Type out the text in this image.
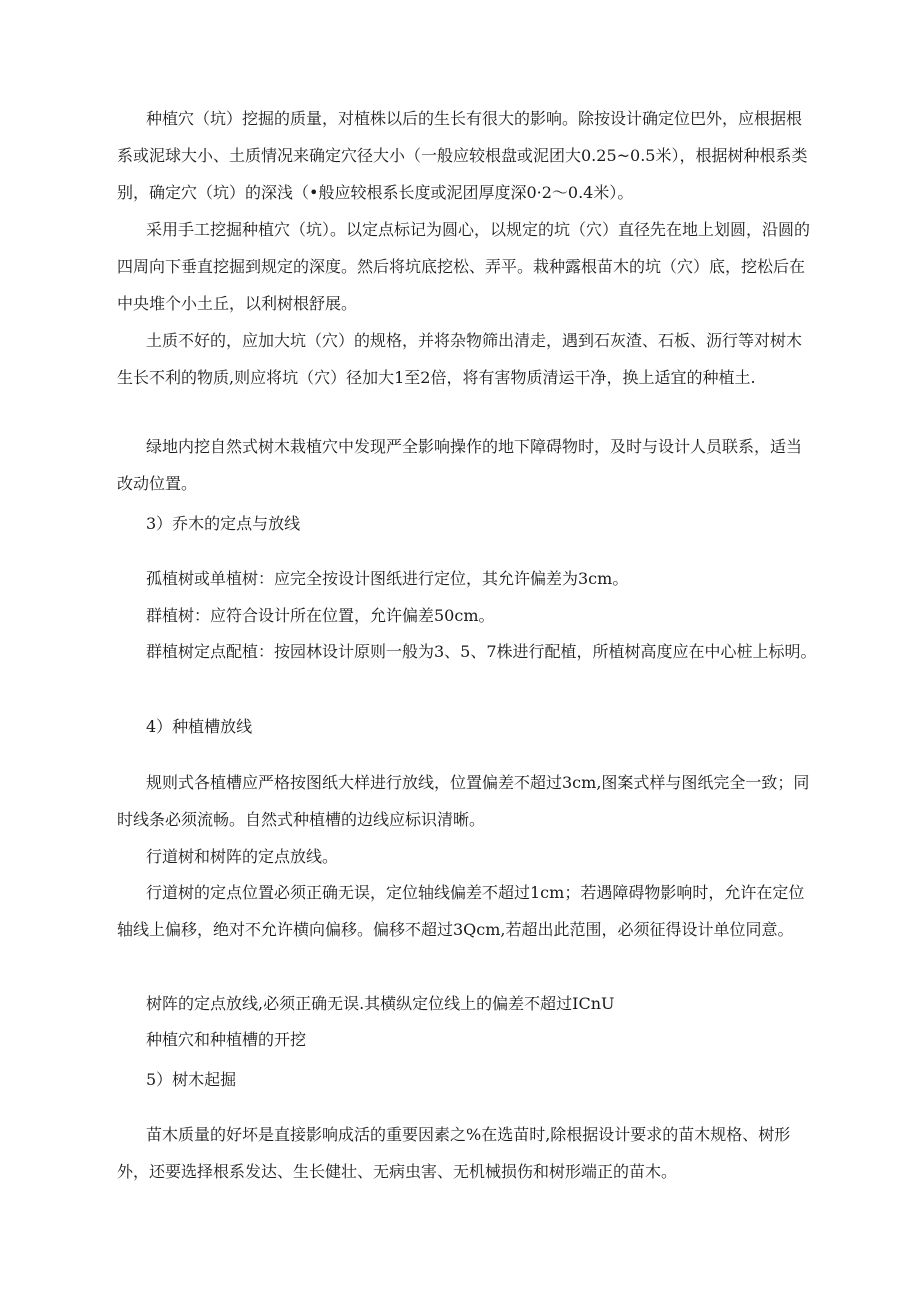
种植穴（坑）挖掘的质量，对植株以后的生长有很大的影响。除按设计确定位巴外，应根据根系或泥球大小、土质情况来确定穴径大小（一般应较根盘或泥团大0.25~0.5米），根据树种根系类别，确定穴（坑）的深浅（•般应较根系长度或泥团厚度深0·2～0.4米）。

采用手工挖掘种植穴（坑）。以定点标记为圆心，以规定的坑（穴）直径先在地上划圆，沿圆的四周向下垂直挖掘到规定的深度。然后将坑底挖松、弄平。栽种露根苗木的坑（穴）底，挖松后在中央堆个小土丘，以利树根舒展。

土质不好的，应加大坑（穴）的规格，并将杂物筛出清走，遇到石灰渣、石板、沥行等对树木生长不利的物质,则应将坑（穴）径加大1至2倍，将有害物质清运干净，换上适宜的种植土.

绿地内挖自然式树木栽植穴中发现严全影响操作的地下障碍物时，及时与设计人员联系，适当改动位置。

3）乔木的定点与放线

孤植树或单植树：应完全按设计图纸进行定位，其允许偏差为3cm。

群植树：应符合设计所在位置，允许偏差50cm。

群植树定点配植：按园林设计原则一般为3、5、7株进行配植，所植树高度应在中心桩上标明。

4）种植槽放线

规则式各植槽应严格按图纸大样进行放线，位置偏差不超过3cm,图案式样与图纸完全一致；同时线条必须流畅。自然式种植槽的边线应标识清晰。

行道树和树阵的定点放线。

行道树的定点位置必须正确无误，定位轴线偏差不超过1cm；若遇障碍物影响时，允许在定位轴线上偏移，绝对不允许横向偏移。偏移不超过3Qcm,若超出此范围，必须征得设计单位同意。

树阵的定点放线,必须正确无误.其横纵定位线上的偏差不超过ICnU

种植穴和种植槽的开挖

5）树木起掘

苗木质量的好坏是直接影响成活的重要因素之%在选苗时,除根据设计要求的苗木规格、树形外，还要选择根系发达、生长健壮、无病虫害、无机械损伤和树形端正的苗木。
